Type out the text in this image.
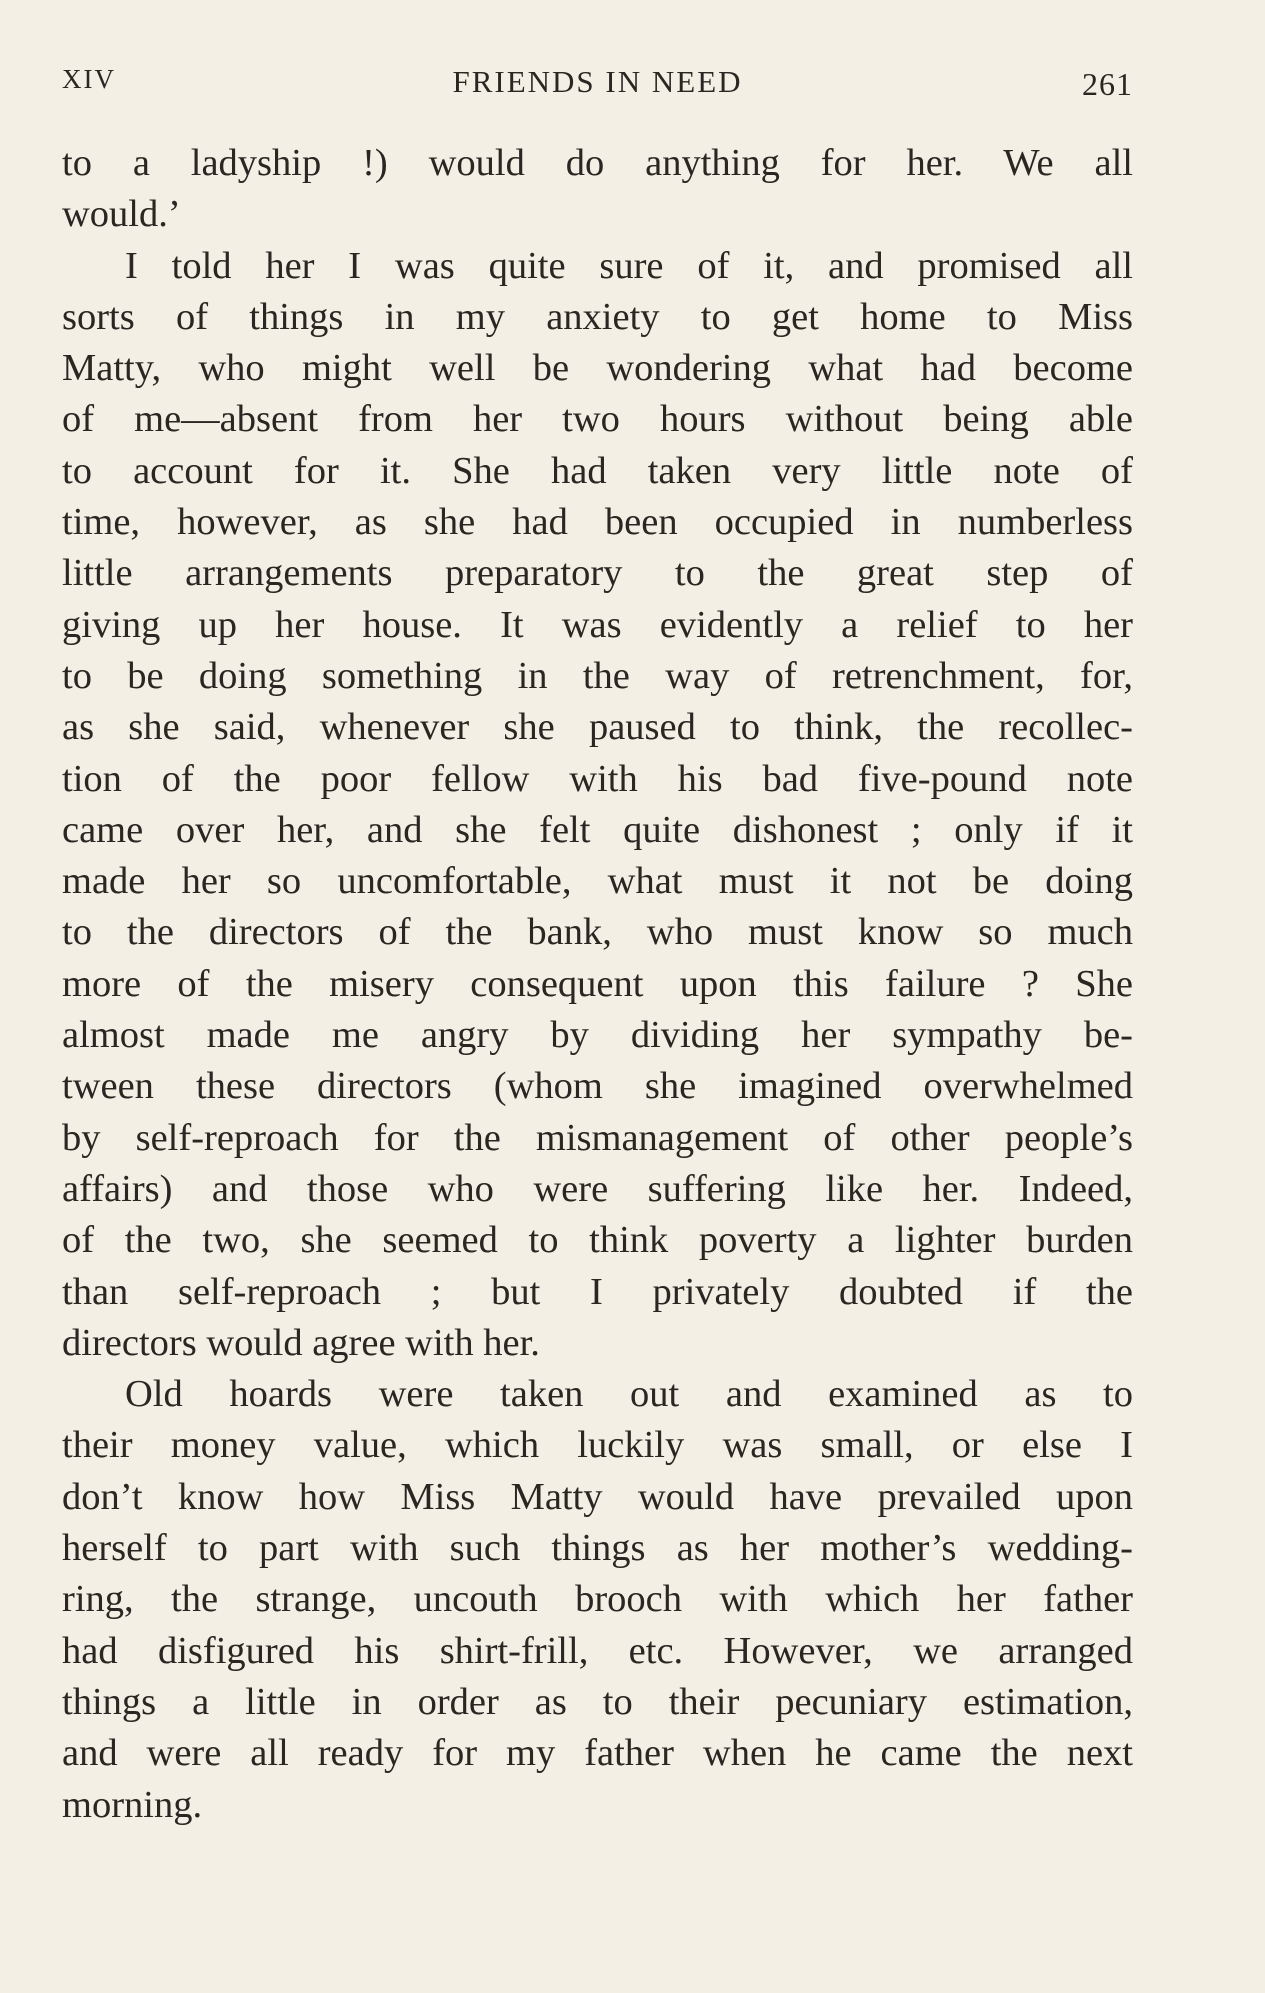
XIV	FRIENDS IN NEED	261
to a ladyship !) would do anything for her. We all
would.’
I told her I was quite sure of it, and promised all
sorts of things in my anxiety to get home to Miss
Matty, who might well be wondering what had become
of me—absent from her two hours without being able
to account for it. She had taken very little note of
time, however, as she had been occupied in numberless
little arrangements preparatory to the great step of
giving up her house. It was evidently a relief to her
to be doing something in the way of retrenchment, for,
as she said, whenever she paused to think, the recollec-
tion of the poor fellow with his bad five-pound note
came over her, and she felt quite dishonest ; only if it
made her so uncomfortable, what must it not be doing
to the directors of the bank, who must know so much
more of the misery consequent upon this failure ? She
almost made me angry by dividing her sympathy be-
tween these directors (whom she imagined overwhelmed
by self-reproach for the mismanagement of other people’s
affairs) and those who were suffering like her. Indeed,
of the two, she seemed to think poverty a lighter burden
than self-reproach ; but I privately doubted if the
directors would agree with her.
Old hoards were taken out and examined as to
their money value, which luckily was small, or else I
don’t know how Miss Matty would have prevailed upon
herself to part with such things as her mother’s wedding-
ring, the strange, uncouth brooch with which her father
had disfigured his shirt-frill, etc. However, we arranged
things a little in order as to their pecuniary estimation,
and were all ready for my father when he came the next
morning.
